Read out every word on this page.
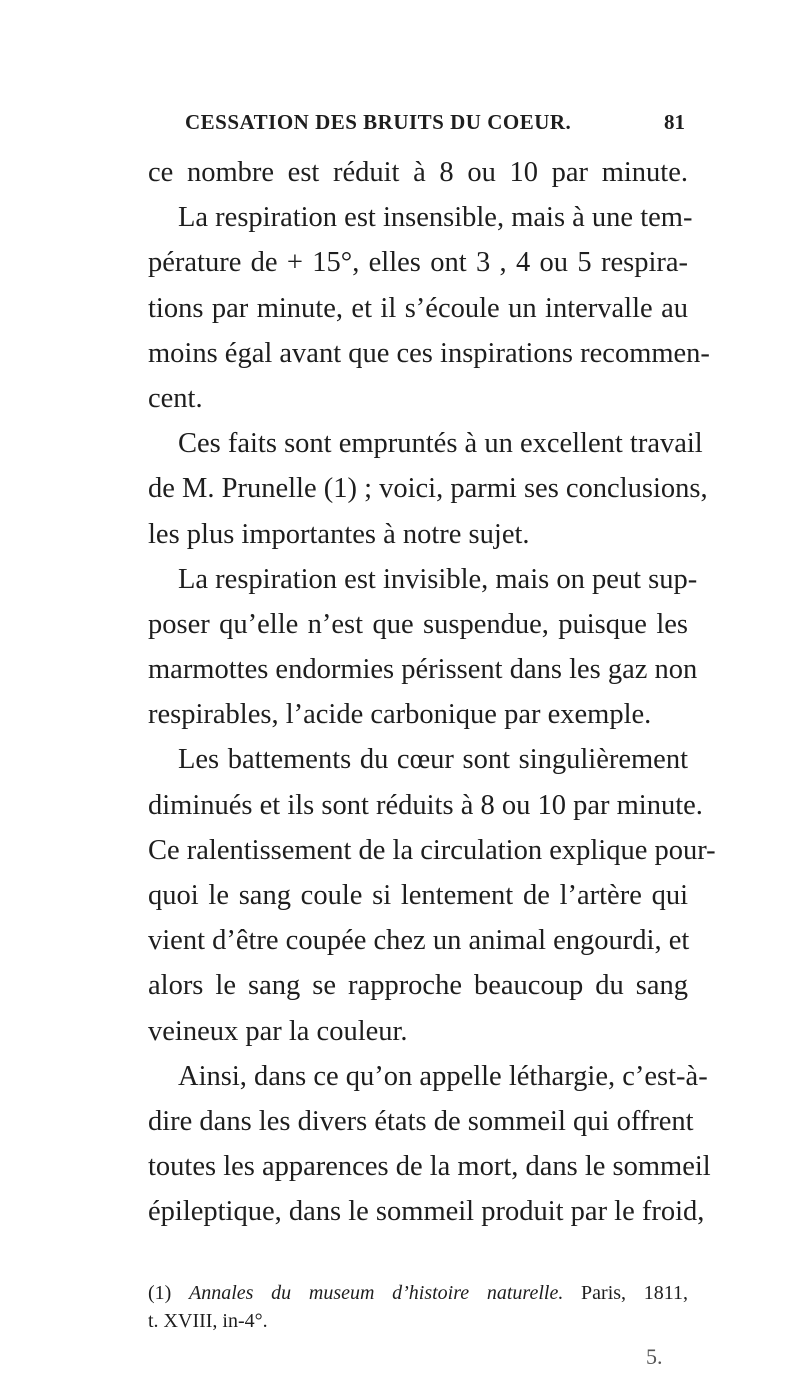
CESSATION DES BRUITS DU COEUR.	81
ce nombre est réduit à 8 ou 10 par minute.
La respiration est insensible, mais à une tem-
pérature de + 15°, elles ont 3 , 4 ou 5 respira-
tions par minute, et il s’écoule un intervalle au
moins égal avant que ces inspirations recommen-
cent.
Ces faits sont empruntés à un excellent travail
de M. Prunelle (1) ; voici, parmi ses conclusions,
les plus importantes à notre sujet.
La respiration est invisible, mais on peut sup-
poser qu’elle n’est que suspendue, puisque les
marmottes endormies périssent dans les gaz non
respirables, l’acide carbonique par exemple.
Les battements du cœur sont singulièrement
diminués et ils sont réduits à 8 ou 10 par minute.
Ce ralentissement de la circulation explique pour-
quoi le sang coule si lentement de l’artère qui
vient d’être coupée chez un animal engourdi, et
alors le sang se rapproche beaucoup du sang
veineux par la couleur.
Ainsi, dans ce qu’on appelle léthargie, c’est-à-
dire dans les divers états de sommeil qui offrent
toutes les apparences de la mort, dans le sommeil
épileptique, dans le sommeil produit par le froid,
(1) Annales du museum d’histoire naturelle. Paris, 1811,
t. XVIII, in-4°.
5.
